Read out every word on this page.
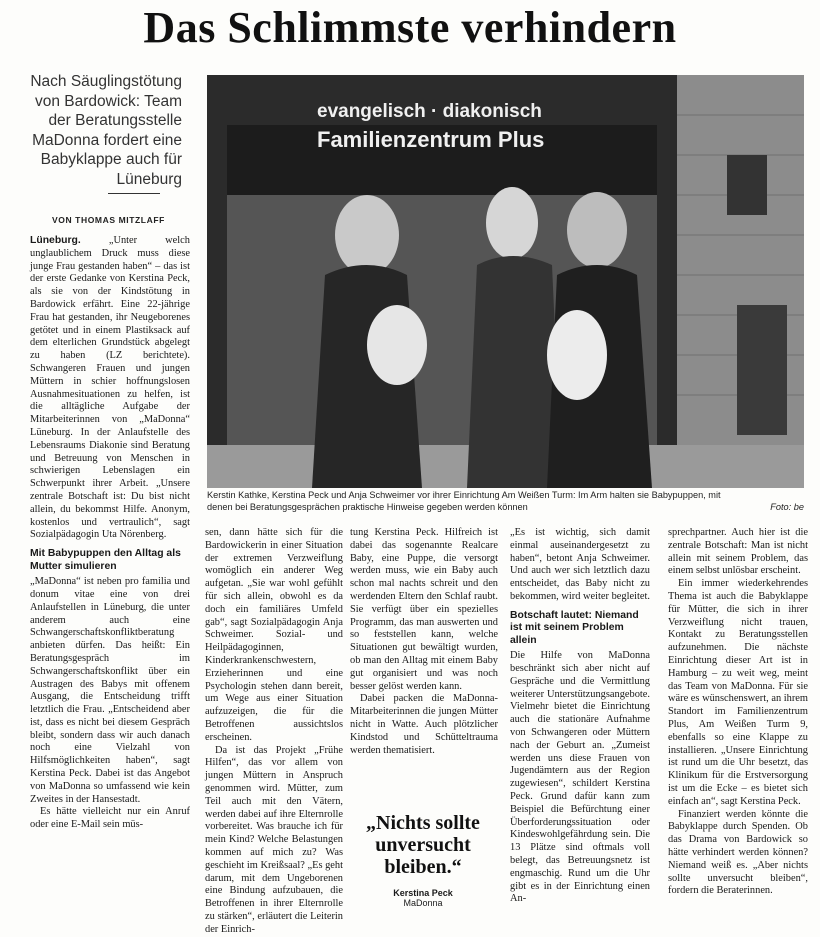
Das Schlimmste verhindern
Nach Säuglingstötung von Bardowick: Team der Beratungsstelle MaDonna fordert eine Babyklappe auch für Lüneburg
VON THOMAS MITZLAFF
evangelisch · diakonisch
Familienzentrum Plus
Kerstin Kathke, Kerstina Peck und Anja Schweimer vor ihrer Einrichtung Am Weißen Turm: Im Arm halten sie Babypuppen, mit denen bei Beratungsgesprächen praktische Hinweise gegeben werden können	Foto: be

Lüneburg.	„Unter welch unglaublichem Druck muss diese junge Frau gestanden haben“ – das ist der erste Gedanke von Kerstina Peck, als sie von der Kindstötung in Bardowick erfährt. Eine 22-jährige Frau hat gestanden, ihr Neugeborenes getötet und in einem Plastiksack auf dem elterlichen Grundstück abgelegt zu haben (LZ berichtete). Schwangeren Frauen und jungen Müttern in schier hoffnungslosen Ausnahmesituationen zu helfen, ist die alltägliche Aufgabe der Mitarbeiterinnen von „MaDonna“ Lüneburg. In der Anlaufstelle des Lebensraums Diakonie sind Beratung und Betreuung von Menschen in schwierigen Lebenslagen ein Schwerpunkt ihrer Arbeit. „Unsere zentrale Botschaft ist: Du bist nicht allein, du bekommst Hilfe. Anonym, kostenlos und vertraulich“, sagt Sozialpädagogin Uta Nörenberg.

Mit Babypuppen den Alltag als Mutter simulieren

„MaDonna“ ist neben pro familia und donum vitae eine von drei Anlaufstellen in Lüneburg, die unter anderem auch eine Schwangerschaftskonfliktberatung anbieten dürfen. Das heißt: Ein Beratungsgespräch im Schwangerschaftskonflikt über ein Austragen des Babys mit offenem Ausgang, die Entscheidung trifft letztlich die Frau. „Entscheidend aber ist, dass es nicht bei diesem Gespräch bleibt, sondern dass wir auch danach noch eine Vielzahl von Hilfsmöglichkeiten haben“, sagt Kerstina Peck. Dabei ist das Angebot von MaDonna so umfassend wie kein Zweites in der Hansestadt.

Es hätte vielleicht nur ein Anruf oder eine E-Mail sein müs-

sen, dann hätte sich für die Bardowickerin in einer Situation der extremen Verzweiflung womöglich ein anderer Weg aufgetan. „Sie war wohl gefühlt für sich allein, obwohl es da doch ein familiäres Umfeld gab“, sagt Sozialpädagogin Anja Schweimer. Sozial- und Heilpädagoginnen, Kinderkrankenschwestern, Erzieherinnen und eine Psychologin stehen dann bereit, um Wege aus einer Situation aufzuzeigen, die für die Betroffenen aussichtslos erscheinen.

Da ist das Projekt „Frühe Hilfen“, das vor allem von jungen Müttern in Anspruch genommen wird. Mütter, zum Teil auch mit den Vätern, werden dabei auf ihre Elternrolle vorbereitet. Was brauche ich für mein Kind? Welche Belastungen kommen auf mich zu? Was geschieht im Kreißsaal? „Es geht darum, mit dem Ungeborenen eine Bindung aufzubauen, die Betroffenen in ihrer Elternrolle zu stärken“, erläutert die Leiterin der Einrich-

tung Kerstina Peck. Hilfreich ist dabei das sogenannte Realcare Baby, eine Puppe, die versorgt werden muss, wie ein Baby auch schon mal nachts schreit und den werdenden Eltern den Schlaf raubt. Sie verfügt über ein spezielles Programm, das man auswerten und so feststellen kann, welche Situationen gut bewältigt wurden, ob man den Alltag mit einem Baby gut organisiert und was noch besser gelöst werden kann.

Dabei packen die MaDonna-Mitarbeiterinnen die jungen Mütter nicht in Watte. Auch plötzlicher Kindstod und Schütteltrauma werden thematisiert.

„Nichts sollte unversucht bleiben.“
Kerstina Peck
MaDonna

„Es ist wichtig, sich damit einmal auseinandergesetzt zu haben“, betont Anja Schweimer. Und auch wer sich letztlich dazu entscheidet, das Baby nicht zu bekommen, wird weiter begleitet.

Botschaft lautet: Niemand ist mit seinem Problem allein

Die Hilfe von MaDonna beschränkt sich aber nicht auf Gespräche und die Vermittlung weiterer Unterstützungsangebote. Vielmehr bietet die Einrichtung auch die stationäre Aufnahme von Schwangeren oder Müttern nach der Geburt an. „Zumeist werden uns diese Frauen von Jugendämtern aus der Region zugewiesen“, schildert Kerstina Peck. Grund dafür kann zum Beispiel die Befürchtung einer Überforderungssituation oder Kindeswohlgefährdung sein. Die 13 Plätze sind oftmals voll belegt, das Betreuungsnetz ist engmaschig. Rund um die Uhr gibt es in der Einrichtung einen An-

sprechpartner. Auch hier ist die zentrale Botschaft: Man ist nicht allein mit seinem Problem, das einem selbst unlösbar erscheint.

Ein immer wiederkehrendes Thema ist auch die Babyklappe für Mütter, die sich in ihrer Verzweiflung nicht trauen, Kontakt zu Beratungsstellen aufzunehmen. Die nächste Einrichtung dieser Art ist in Hamburg – zu weit weg, meint das Team von MaDonna. Für sie wäre es wünschenswert, an ihrem Standort im Familienzentrum Plus, Am Weißen Turm 9, ebenfalls so eine Klappe zu installieren. „Unsere Einrichtung ist rund um die Uhr besetzt, das Klinikum für die Erstversorgung ist um die Ecke – es bietet sich einfach an“, sagt Kerstina Peck.

Finanziert werden könnte die Babyklappe durch Spenden. Ob das Drama von Bardowick so hätte verhindert werden können? Niemand weiß es. „Aber nichts sollte unversucht bleiben“, fordern die Beraterinnen.
